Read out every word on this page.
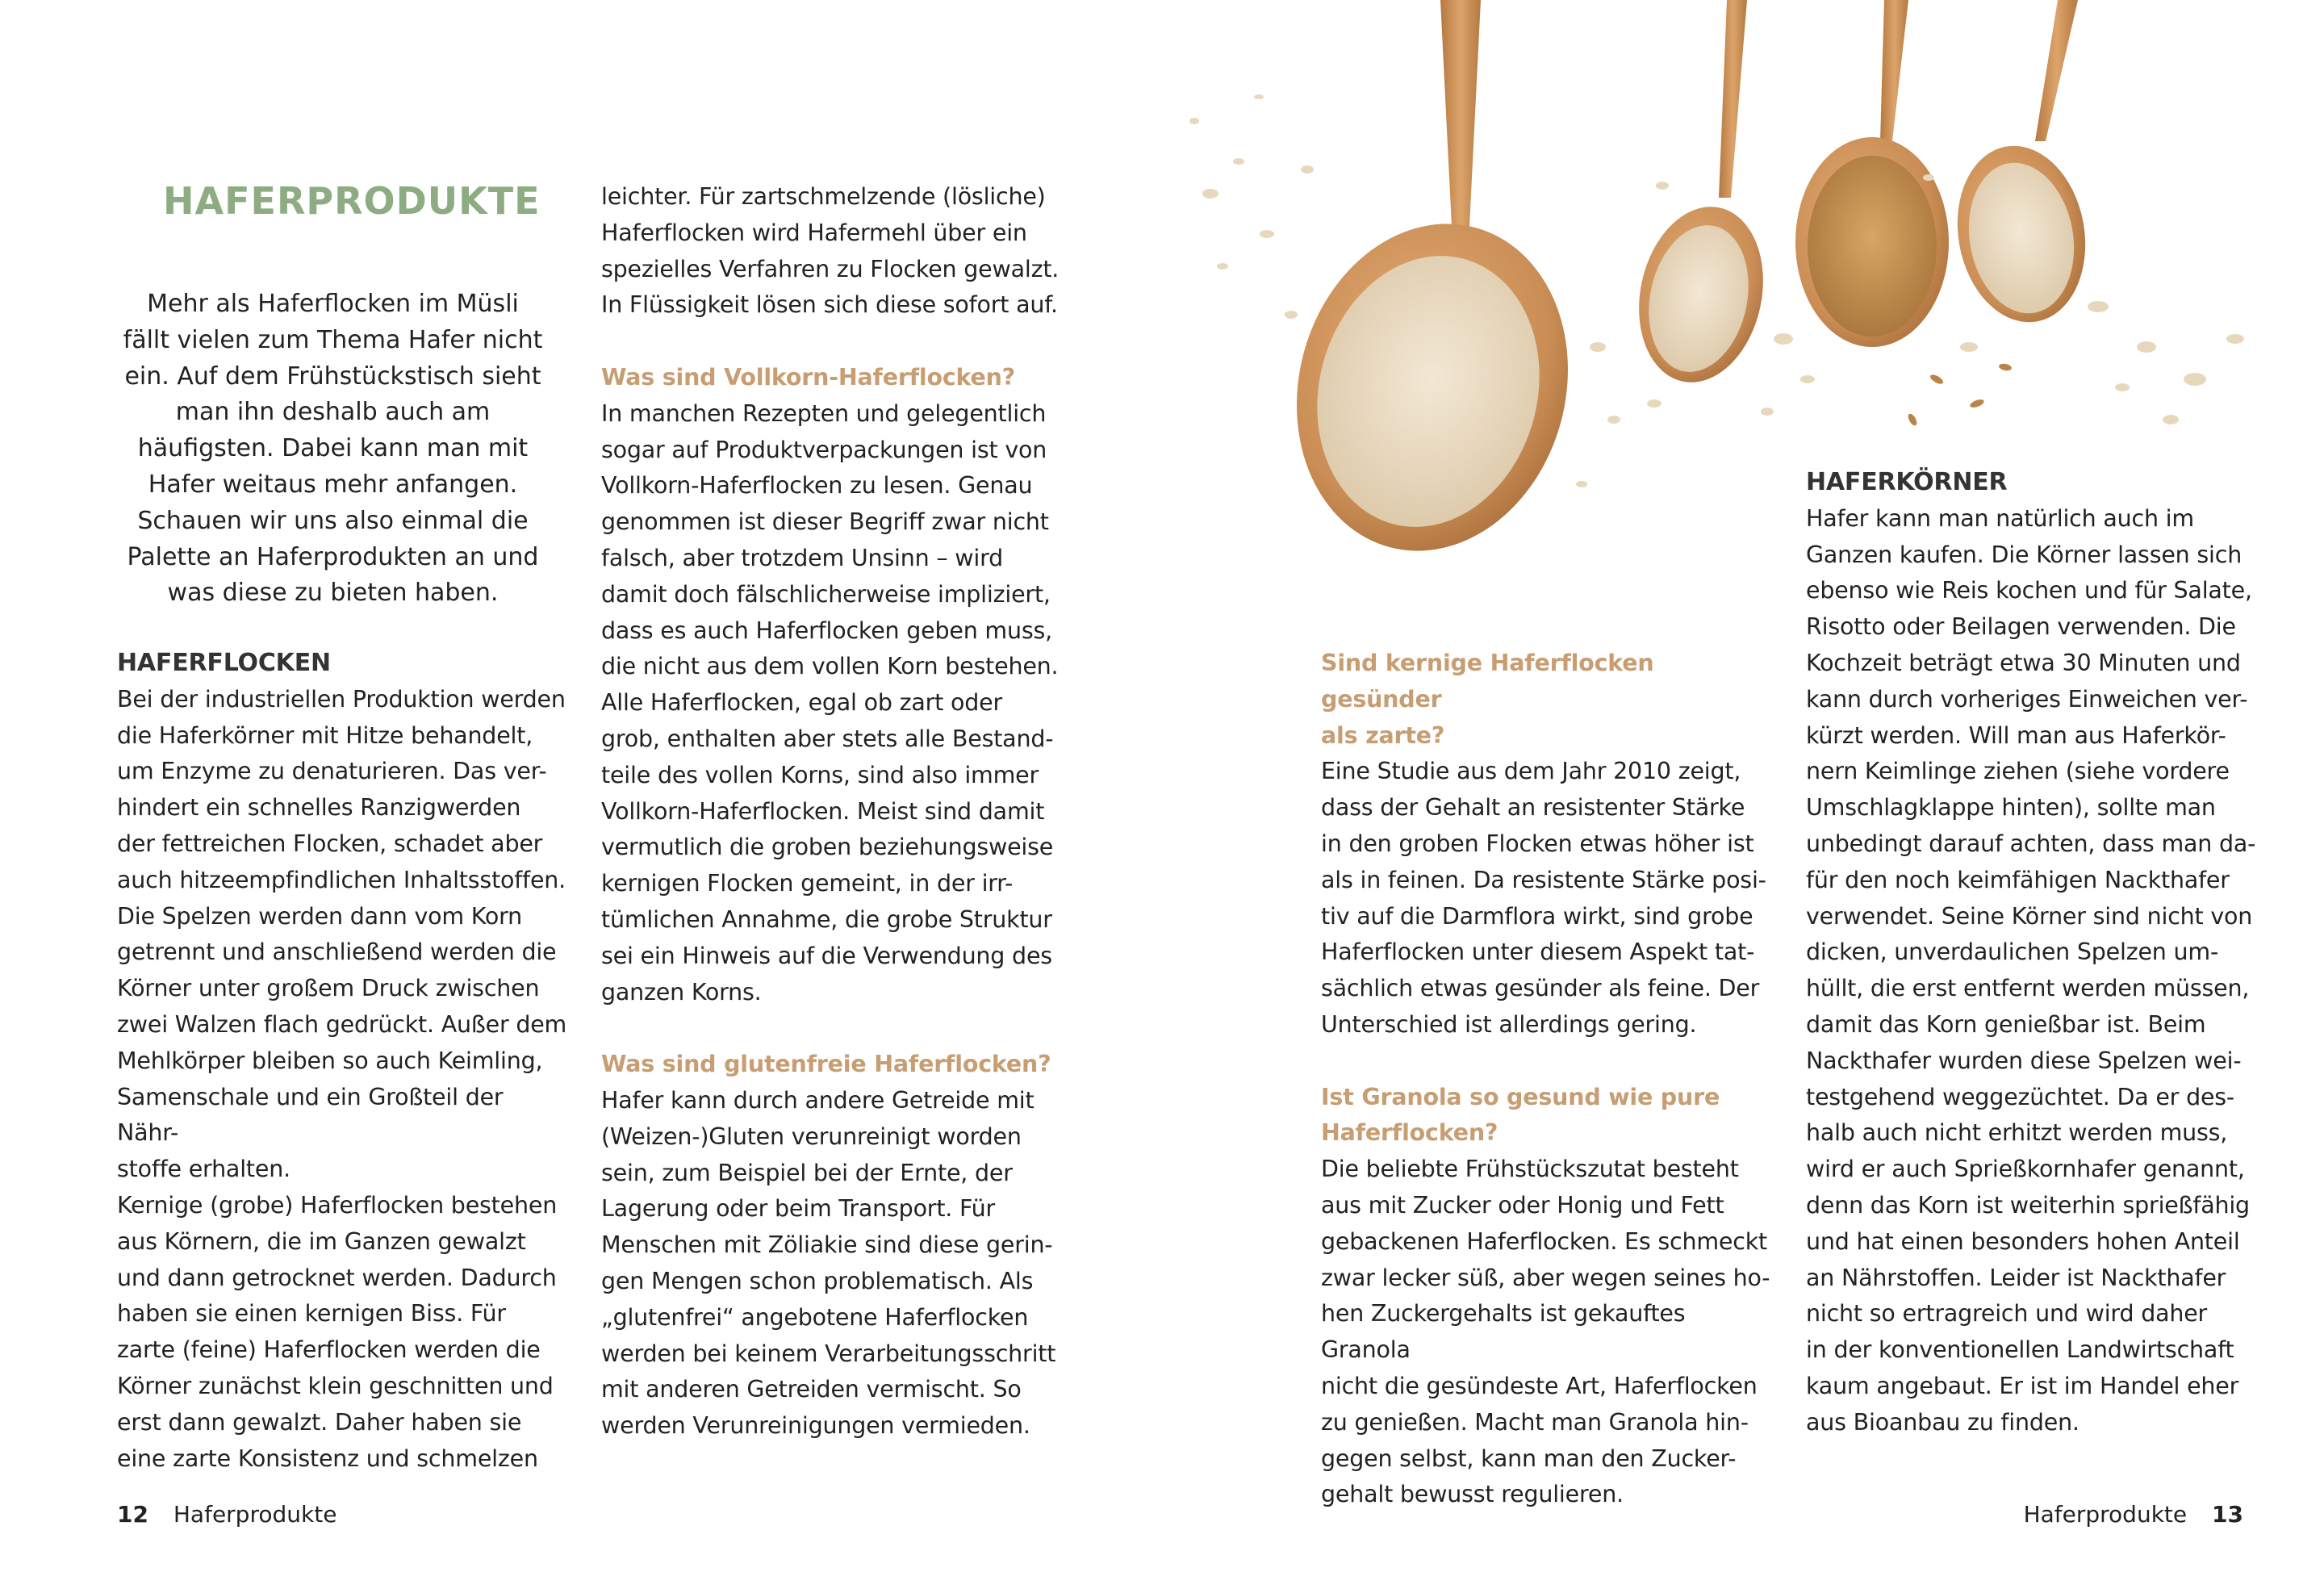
HAFERPRODUKTE
Mehr als Haferflocken im Müsli
fällt vielen zum Thema Hafer nicht
ein. Auf dem Frühstückstisch sieht
man ihn deshalb auch am
häufigsten. Dabei kann man mit
Hafer weitaus mehr anfangen.
Schauen wir uns also einmal die
Palette an Haferprodukten an und
was diese zu bieten haben.
HAFERFLOCKEN
Bei der industriellen Produktion werden
die Haferkörner mit Hitze behandelt,
um Enzyme zu denaturieren. Das ver-
hindert ein schnelles Ranzigwerden
der fettreichen Flocken, schadet aber
auch hitzeempfindlichen Inhaltsstoffen.
Die Spelzen werden dann vom Korn
getrennt und anschließend werden die
Körner unter großem Druck zwischen
zwei Walzen flach gedrückt. Außer dem
Mehlkörper bleiben so auch Keimling,
Samenschale und ein Großteil der Nähr-
stoffe erhalten.
Kernige (grobe) Haferflocken bestehen
aus Körnern, die im Ganzen gewalzt
und dann getrocknet werden. Dadurch
haben sie einen kernigen Biss. Für
zarte (feine) Haferflocken werden die
Körner zunächst klein geschnitten und
erst dann gewalzt. Daher haben sie
eine zarte Konsistenz und schmelzen
leichter. Für zartschmelzende (lösliche)
Haferflocken wird Hafermehl über ein
spezielles Verfahren zu Flocken gewalzt.
In Flüssigkeit lösen sich diese sofort auf.
Was sind Vollkorn-Haferflocken?
In manchen Rezepten und gelegentlich
sogar auf Produktverpackungen ist von
Vollkorn-Haferflocken zu lesen. Genau
genommen ist dieser Begriff zwar nicht
falsch, aber trotzdem Unsinn – wird
damit doch fälschlicherweise impliziert,
dass es auch Haferflocken geben muss,
die nicht aus dem vollen Korn bestehen.
Alle Haferflocken, egal ob zart oder
grob, enthalten aber stets alle Bestand-
teile des vollen Korns, sind also immer
Vollkorn-Haferflocken. Meist sind damit
vermutlich die groben beziehungsweise
kernigen Flocken gemeint, in der irr-
tümlichen Annahme, die grobe Struktur
sei ein Hinweis auf die Verwendung des
ganzen Korns.
Was sind glutenfreie Haferflocken?
Hafer kann durch andere Getreide mit
(Weizen-)Gluten verunreinigt worden
sein, zum Beispiel bei der Ernte, der
Lagerung oder beim Transport. Für
Menschen mit Zöliakie sind diese gerin-
gen Mengen schon problematisch. Als
„glutenfrei“ angebotene Haferflocken
werden bei keinem Verarbeitungsschritt
mit anderen Getreiden vermischt. So
werden Verunreinigungen vermieden.
12 Haferprodukte
Sind kernige Haferflocken gesünder
als zarte?
Eine Studie aus dem Jahr 2010 zeigt,
dass der Gehalt an resistenter Stärke
in den groben Flocken etwas höher ist
als in feinen. Da resistente Stärke posi-
tiv auf die Darmflora wirkt, sind grobe
Haferflocken unter diesem Aspekt tat-
sächlich etwas gesünder als feine. Der
Unterschied ist allerdings gering.
Ist Granola so gesund wie pure
Haferflocken?
Die beliebte Frühstückszutat besteht
aus mit Zucker oder Honig und Fett
gebackenen Haferflocken. Es schmeckt
zwar lecker süß, aber wegen seines ho-
hen Zuckergehalts ist gekauftes Granola
nicht die gesündeste Art, Haferflocken
zu genießen. Macht man Granola hin-
gegen selbst, kann man den Zucker-
gehalt bewusst regulieren.
HAFERKÖRNER
Hafer kann man natürlich auch im
Ganzen kaufen. Die Körner lassen sich
ebenso wie Reis kochen und für Salate,
Risotto oder Beilagen verwenden. Die
Kochzeit beträgt etwa 30 Minuten und
kann durch vorheriges Einweichen ver-
kürzt werden. Will man aus Haferkör-
nern Keimlinge ziehen (siehe vordere
Umschlagklappe hinten), sollte man
unbedingt darauf achten, dass man da-
für den noch keimfähigen Nackthafer
verwendet. Seine Körner sind nicht von
dicken, unverdaulichen Spelzen um-
hüllt, die erst entfernt werden müssen,
damit das Korn genießbar ist. Beim
Nackthafer wurden diese Spelzen wei-
testgehend weggezüchtet. Da er des-
halb auch nicht erhitzt werden muss,
wird er auch Sprießkornhafer genannt,
denn das Korn ist weiterhin sprießfähig
und hat einen besonders hohen Anteil
an Nährstoffen. Leider ist Nackthafer
nicht so ertragreich und wird daher
in der konventionellen Landwirtschaft
kaum angebaut. Er ist im Handel eher
aus Bioanbau zu finden.
Haferprodukte 13
